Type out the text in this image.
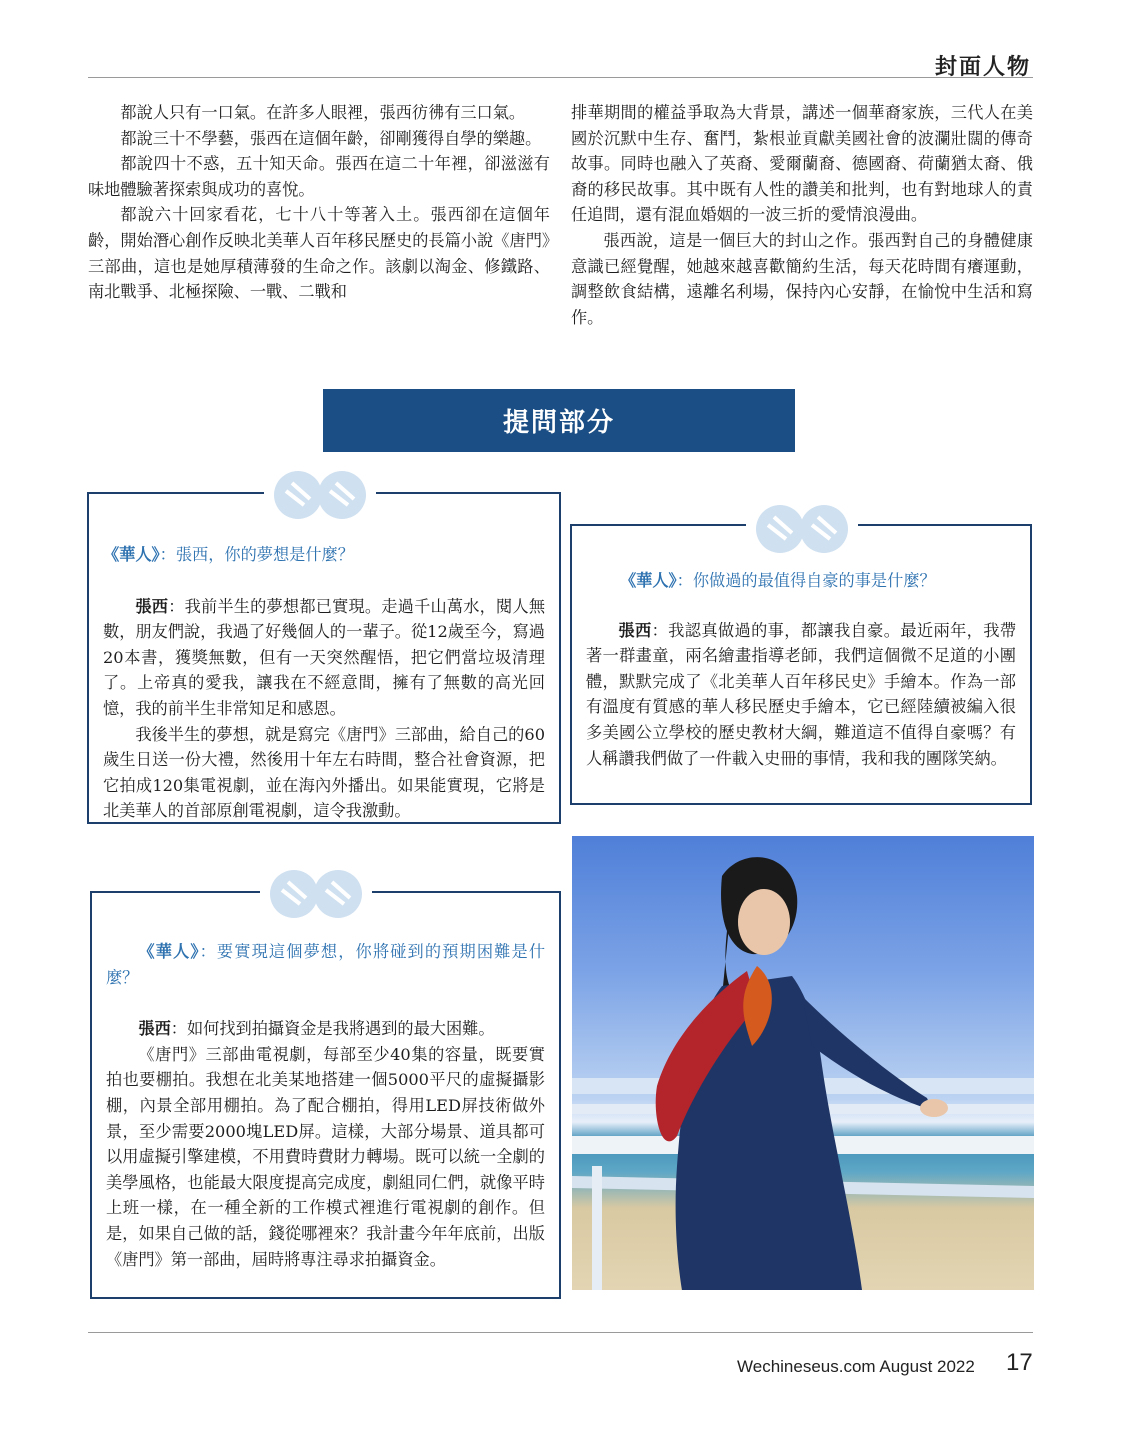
封面人物

都說人只有一口氣。在許多人眼裡，張西彷彿有三口氣。

都說三十不學藝，張西在這個年齡，卻剛獲得自學的樂趣。

都說四十不惑，五十知天命。張西在這二十年裡，卻滋滋有味地體驗著探索與成功的喜悅。

都說六十回家看花，七十八十等著入土。張西卻在這個年齡，開始潛心創作反映北美華人百年移民歷史的長篇小說《唐門》三部曲，這也是她厚積薄發的生命之作。該劇以淘金、修鐵路、南北戰爭、北極探險、一戰、二戰和

排華期間的權益爭取為大背景，講述一個華裔家族，三代人在美國於沉默中生存、奮鬥，紮根並貢獻美國社會的波瀾壯闊的傳奇故事。同時也融入了英裔、愛爾蘭裔、德國裔、荷蘭猶太裔、俄裔的移民故事。其中既有人性的讚美和批判，也有對地球人的責任追問，還有混血婚姻的一波三折的愛情浪漫曲。

張西說，這是一個巨大的封山之作。張西對自己的身體健康意識已經覺醒，她越來越喜歡簡約生活，每天花時間有癢運動，調整飲食結構，遠離名利場，保持內心安靜，在愉悅中生活和寫作。

提問部分

《華人》：張西，你的夢想是什麼？

張西：我前半生的夢想都已實現。走過千山萬水，閱人無數，朋友們說，我過了好幾個人的一輩子。從12歲至今，寫過20本書，獲獎無數，但有一天突然醒悟，把它們當垃圾清理了。上帝真的愛我，讓我在不經意間，擁有了無數的高光回憶，我的前半生非常知足和感恩。

我後半生的夢想，就是寫完《唐門》三部曲，給自己的60歲生日送一份大禮，然後用十年左右時間，整合社會資源，把它拍成120集電視劇，並在海內外播出。如果能實現，它將是北美華人的首部原創電視劇，這令我激動。

《華人》：你做過的最值得自豪的事是什麼？

張西：我認真做過的事，都讓我自豪。最近兩年，我帶著一群畫童，兩名繪畫指導老師，我們這個微不足道的小團體，默默完成了《北美華人百年移民史》手繪本。作為一部有溫度有質感的華人移民歷史手繪本，它已經陸續被編入很多美國公立學校的歷史教材大綱，難道這不值得自豪嗎？有人稱讚我們做了一件載入史冊的事情，我和我的團隊笑納。

《華人》：要實現這個夢想，你將碰到的預期困難是什麼？

張西：如何找到拍攝資金是我將遇到的最大困難。

《唐門》三部曲電視劇，每部至少40集的容量，既要實拍也要棚拍。我想在北美某地搭建一個5000平尺的虛擬攝影棚，內景全部用棚拍。為了配合棚拍，得用LED屏技術做外景，至少需要2000塊LED屏。這樣，大部分場景、道具都可以用虛擬引擎建模，不用費時費財力轉場。既可以統一全劇的美學風格，也能最大限度提高完成度，劇組同仁們，就像平時上班一樣，在一種全新的工作模式裡進行電視劇的創作。但是，如果自己做的話，錢從哪裡來？我計畫今年年底前，出版《唐門》第一部曲，屆時將專注尋求拍攝資金。

Wechineseus.com August 2022 17
